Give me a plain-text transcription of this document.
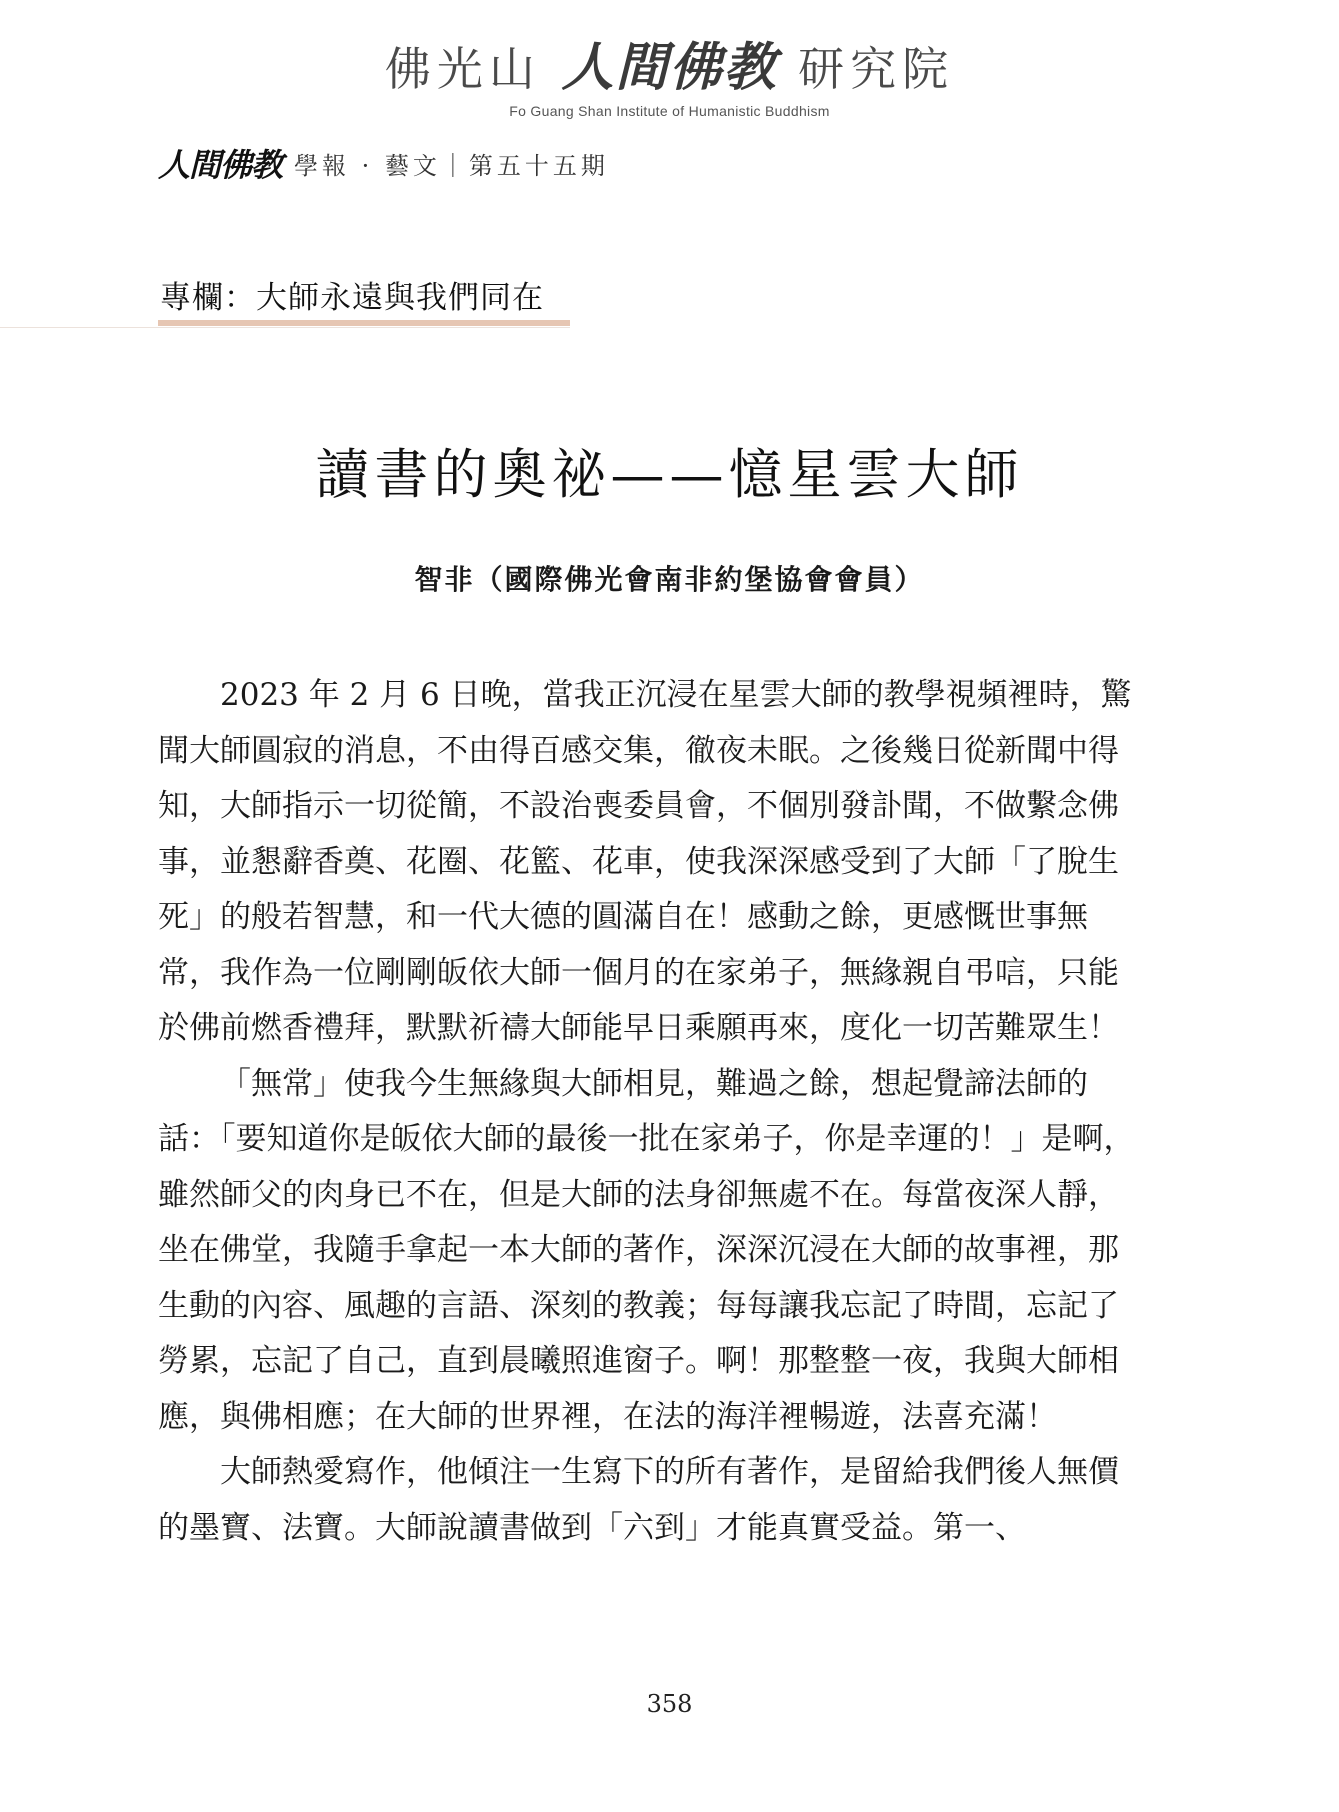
佛光山 人間佛教 研究院
Fo Guang Shan Institute of Humanistic Buddhism
人間佛教 學報 · 藝文｜第五十五期
專欄：大師永遠與我們同在
讀書的奧祕——憶星雲大師
智非（國際佛光會南非約堡協會會員）

2023 年 2 月 6 日晚，當我正沉浸在星雲大師的教學視頻裡時，驚聞大師圓寂的消息，不由得百感交集，徹夜未眠。之後幾日從新聞中得知，大師指示一切從簡，不設治喪委員會，不個別發訃聞，不做繫念佛事，並懇辭香奠、花圈、花籃、花車，使我深深感受到了大師「了脫生死」的般若智慧，和一代大德的圓滿自在！感動之餘，更感慨世事無常，我作為一位剛剛皈依大師一個月的在家弟子，無緣親自弔唁，只能於佛前燃香禮拜，默默祈禱大師能早日乘願再來，度化一切苦難眾生！

「無常」使我今生無緣與大師相見，難過之餘，想起覺諦法師的話：「要知道你是皈依大師的最後一批在家弟子，你是幸運的！」是啊，雖然師父的肉身已不在，但是大師的法身卻無處不在。每當夜深人靜，坐在佛堂，我隨手拿起一本大師的著作，深深沉浸在大師的故事裡，那生動的內容、風趣的言語、深刻的教義；每每讓我忘記了時間，忘記了勞累，忘記了自己，直到晨曦照進窗子。啊！那整整一夜，我與大師相應，與佛相應；在大師的世界裡，在法的海洋裡暢遊，法喜充滿！

大師熱愛寫作，他傾注一生寫下的所有著作，是留給我們後人無價的墨寶、法寶。大師說讀書做到「六到」才能真實受益。第一、

358
